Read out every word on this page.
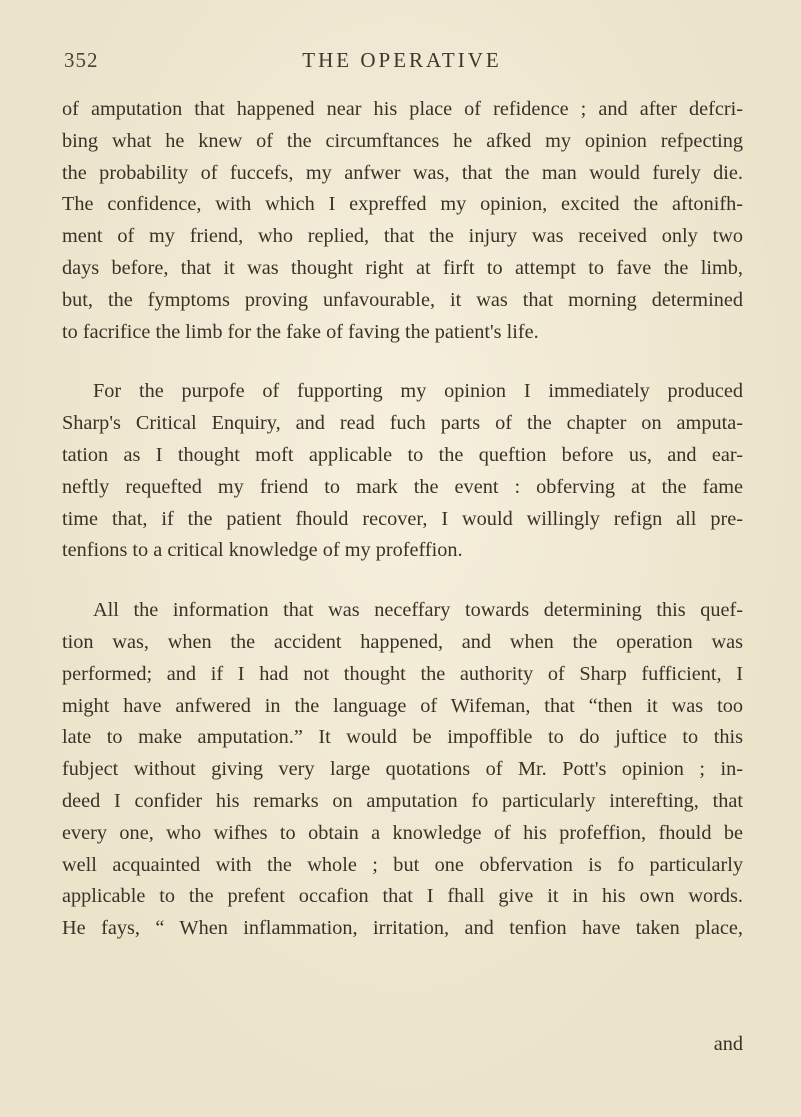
352	THE OPERATIVE

of amputation that happened near his place of refidence ; and after defcri-
bing what he knew of the circumftances he afked my opinion refpecting
the probability of fuccefs, my anfwer was, that the man would furely die.
The confidence, with which I expreffed my opinion, excited the aftonifh-
ment of my friend, who replied, that the injury was received only two
days before, that it was thought right at firft to attempt to fave the limb,
but, the fymptoms proving unfavourable, it was that morning determined
to facrifice the limb for the fake of faving the patient's life.

For the purpofe of fupporting my opinion I immediately produced
Sharp's Critical Enquiry, and read fuch parts of the chapter on amputa-
tation as I thought moft applicable to the queftion before us, and ear-
neftly requefted my friend to mark the event : obferving at the fame
time that, if the patient fhould recover, I would willingly refign all pre-
tenfions to a critical knowledge of my profeffion.

All the information that was neceffary towards determining this quef-
tion was, when the accident happened, and when the operation was
performed; and if I had not thought the authority of Sharp fufficient, I
might have anfwered in the language of Wifeman, that “then it was too
late to make amputation.” It would be impoffible to do juftice to this
fubject without giving very large quotations of Mr. Pott's opinion ; in-
deed I confider his remarks on amputation fo particularly interefting, that
every one, who wifhes to obtain a knowledge of his profeffion, fhould be
well acquainted with the whole ; but one obfervation is fo particularly
applicable to the prefent occafion that I fhall give it in his own words.
He fays, “ When inflammation, irritation, and tenfion have taken place,

and
